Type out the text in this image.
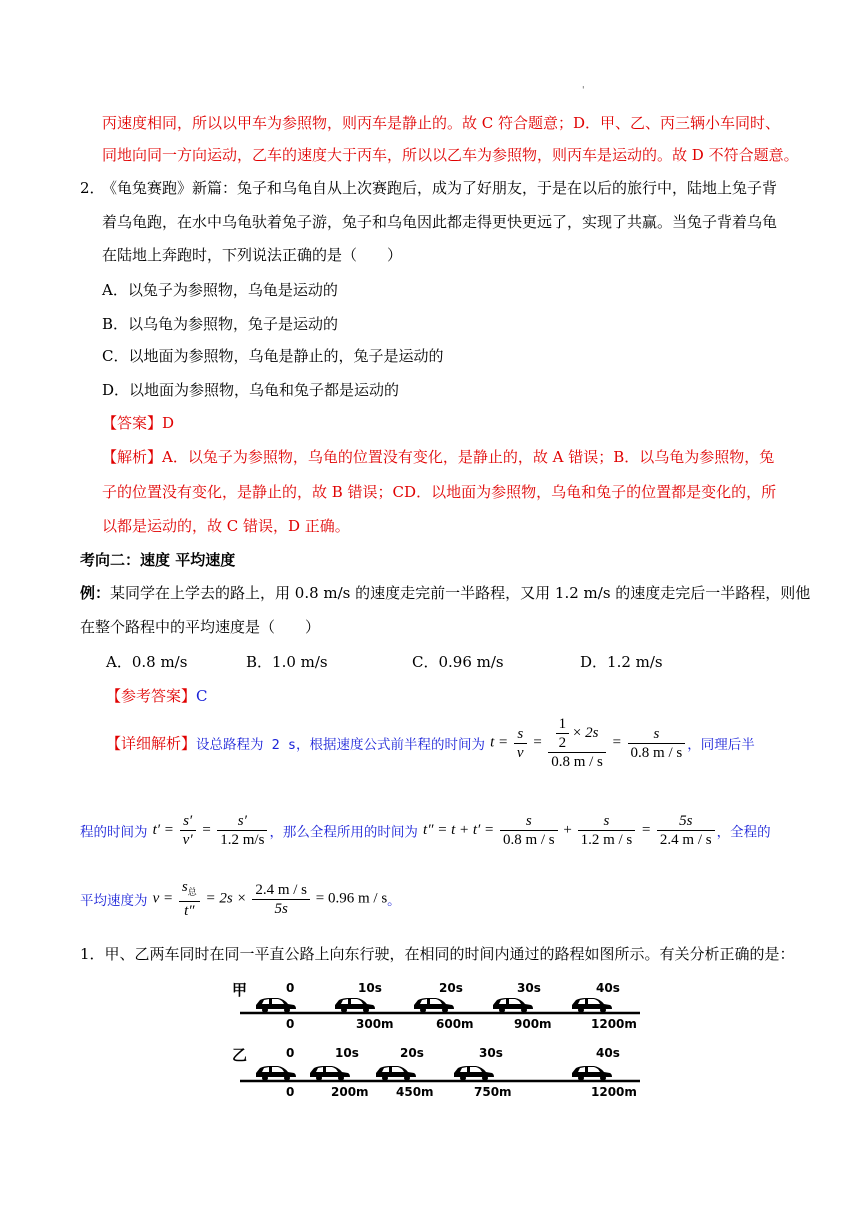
'
丙速度相同，所以以甲车为参照物，则丙车是静止的。故 C 符合题意；D．甲、乙、丙三辆小车同时、
同地向同一方向运动，乙车的速度大于丙车，所以以乙车为参照物，则丙车是运动的。故 D 不符合题意。
2．
《龟兔赛跑》新篇：兔子和乌龟自从上次赛跑后，成为了好朋友，于是在以后的旅行中，陆地上兔子背
着乌龟跑，在水中乌龟驮着兔子游，兔子和乌龟因此都走得更快更远了，实现了共赢。当兔子背着乌龟
在陆地上奔跑时，下列说法正确的是（　　）
A．以兔子为参照物，乌龟是运动的
B．以乌龟为参照物，兔子是运动的
C．以地面为参照物，乌龟是静止的，兔子是运动的
D．以地面为参照物，乌龟和兔子都是运动的
【答案】D
【解析】A．以兔子为参照物，乌龟的位置没有变化，是静止的，故 A 错误；B．以乌龟为参照物，兔
子的位置没有变化，是静止的，故 B 错误；CD．以地面为参照物，乌龟和兔子的位置都是变化的，所
以都是运动的，故 C 错误，D 正确。
考向二：速度 平均速度
例：某同学在上学去的路上，用 0.8 m/s 的速度走完前一半路程，又用 1.2 m/s 的速度走完后一半路程，则他
在整个路程中的平均速度是（　　）
A．0.8 m/s	B．1.0 m/s	C．0.96 m/s	D．1.2 m/s
【参考答案】C
【详细解析】设总路程为 2 s，根据速度公式前半程的时间为 $t = \frac{s}{v} = \frac{\frac{1}{2} \times 2s}{0.8 m / s} = \frac{s}{0.8 m / s}$ ，同理后半
程的时间为 $t' = \frac{s'}{v'} = \frac{s'}{1.2 m/s}$ ，那么全程所用的时间为 $t'' = t + t' = \frac{s}{0.8 m / s} + \frac{s}{1.2 m / s} = \frac{5s}{2.4 m / s}$ ，全程的
平均速度为 $v = \frac{s_总}{t''} = 2s \times \frac{2.4 m / s}{5s} = 0.96$ m / s。
1．甲、乙两车同时在同一平直公路上向东行驶，在相同的时间内通过的路程如图所示。有关分析正确的是：
甲	0	10s	20s	30s	40s
0	300m	600m	900m	1200m
乙	0	10s	20s	30s	40s
0	200m 450m	750m	1200m
